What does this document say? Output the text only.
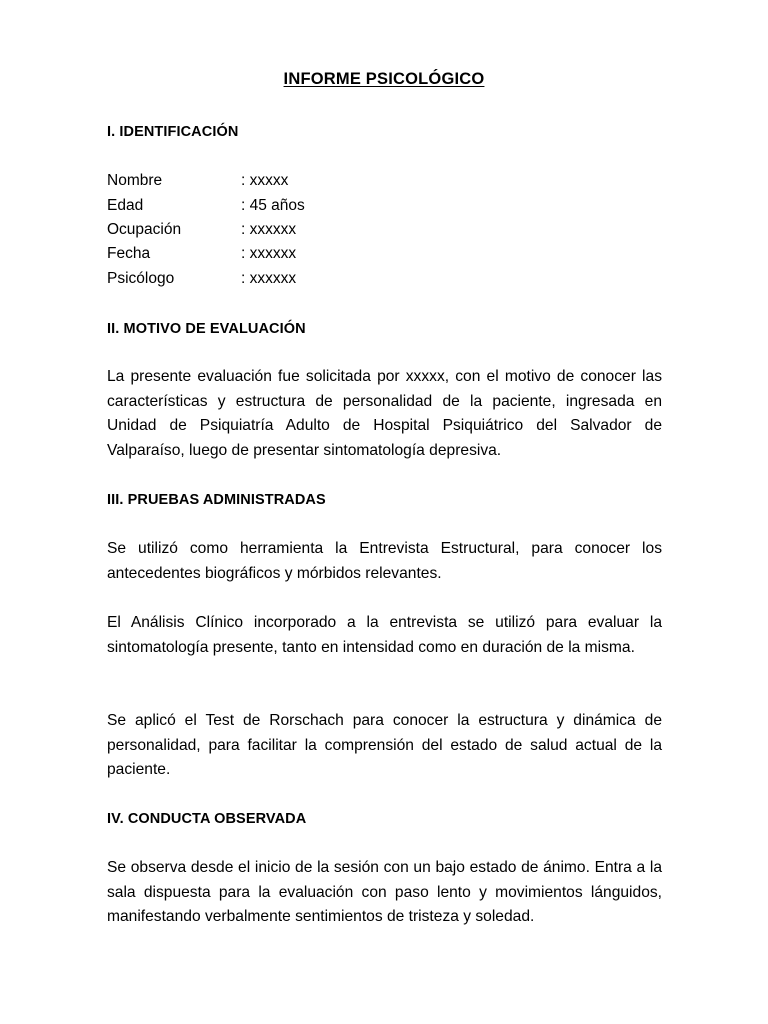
INFORME PSICOLÓGICO
I. IDENTIFICACIÓN
Nombre	: xxxxx
Edad	: 45 años
Ocupación	: xxxxxx
Fecha	: xxxxxx
Psicólogo	: xxxxxx
II. MOTIVO DE EVALUACIÓN

La presente evaluación fue solicitada por xxxxx, con el motivo de conocer las características y estructura de personalidad de la paciente, ingresada en Unidad de Psiquiatría Adulto de Hospital Psiquiátrico del Salvador de Valparaíso, luego de presentar sintomatología depresiva.

III. PRUEBAS ADMINISTRADAS

Se utilizó como herramienta la Entrevista Estructural, para conocer los antecedentes biográficos y mórbidos relevantes.

El Análisis Clínico incorporado a la entrevista se utilizó para evaluar la sintomatología presente, tanto en intensidad como en duración de la misma.

Se aplicó el Test de Rorschach para conocer la estructura y dinámica de personalidad, para facilitar la comprensión del estado de salud actual de la paciente.

IV. CONDUCTA OBSERVADA

Se observa desde el inicio de la sesión con un bajo estado de ánimo. Entra a la sala dispuesta para la evaluación con paso lento y movimientos lánguidos, manifestando verbalmente sentimientos de tristeza y soledad.
